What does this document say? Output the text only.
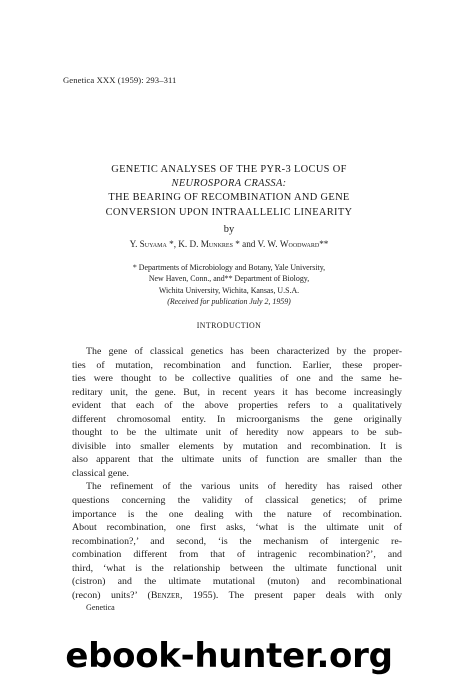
Genetica XXX (1959): 293–311
GENETIC ANALYSES OF THE PYR-3 LOCUS OF
NEUROSPORA CRASSA:
THE BEARING OF RECOMBINATION AND GENE
CONVERSION UPON INTRAALLELIC LINEARITY
by
Y. Suyama *, K. D. Munkres * and V. W. Woodward**
* Departments of Microbiology and Botany, Yale University,
New Haven, Conn., and** Department of Biology,
Wichita University, Wichita, Kansas, U.S.A.
(Received for publication July 2, 1959)
INTRODUCTION
The gene of classical genetics has been characterized by the proper-
ties of mutation, recombination and function. Earlier, these proper-
ties were thought to be collective qualities of one and the same he-
reditary unit, the gene. But, in recent years it has become increasingly
evident that each of the above properties refers to a qualitatively
different chromosomal entity. In microorganisms the gene originally
thought to be the ultimate unit of heredity now appears to be sub-
divisible into smaller elements by mutation and recombination. It is
also apparent that the ultimate units of function are smaller than the
classical gene.
The refinement of the various units of heredity has raised other
questions concerning the validity of classical genetics; of prime
importance is the one dealing with the nature of recombination.
About recombination, one first asks, ‘what is the ultimate unit of
recombination?,’ and second, ‘is the mechanism of intergenic re-
combination different from that of intragenic recombination?’, and
third, ‘what is the relationship between the ultimate functional unit
(cistron) and the ultimate mutational (muton) and recombinational
(recon) units?’ (Benzer, 1955). The present paper deals with only
Genetica
ebook-hunter.org
